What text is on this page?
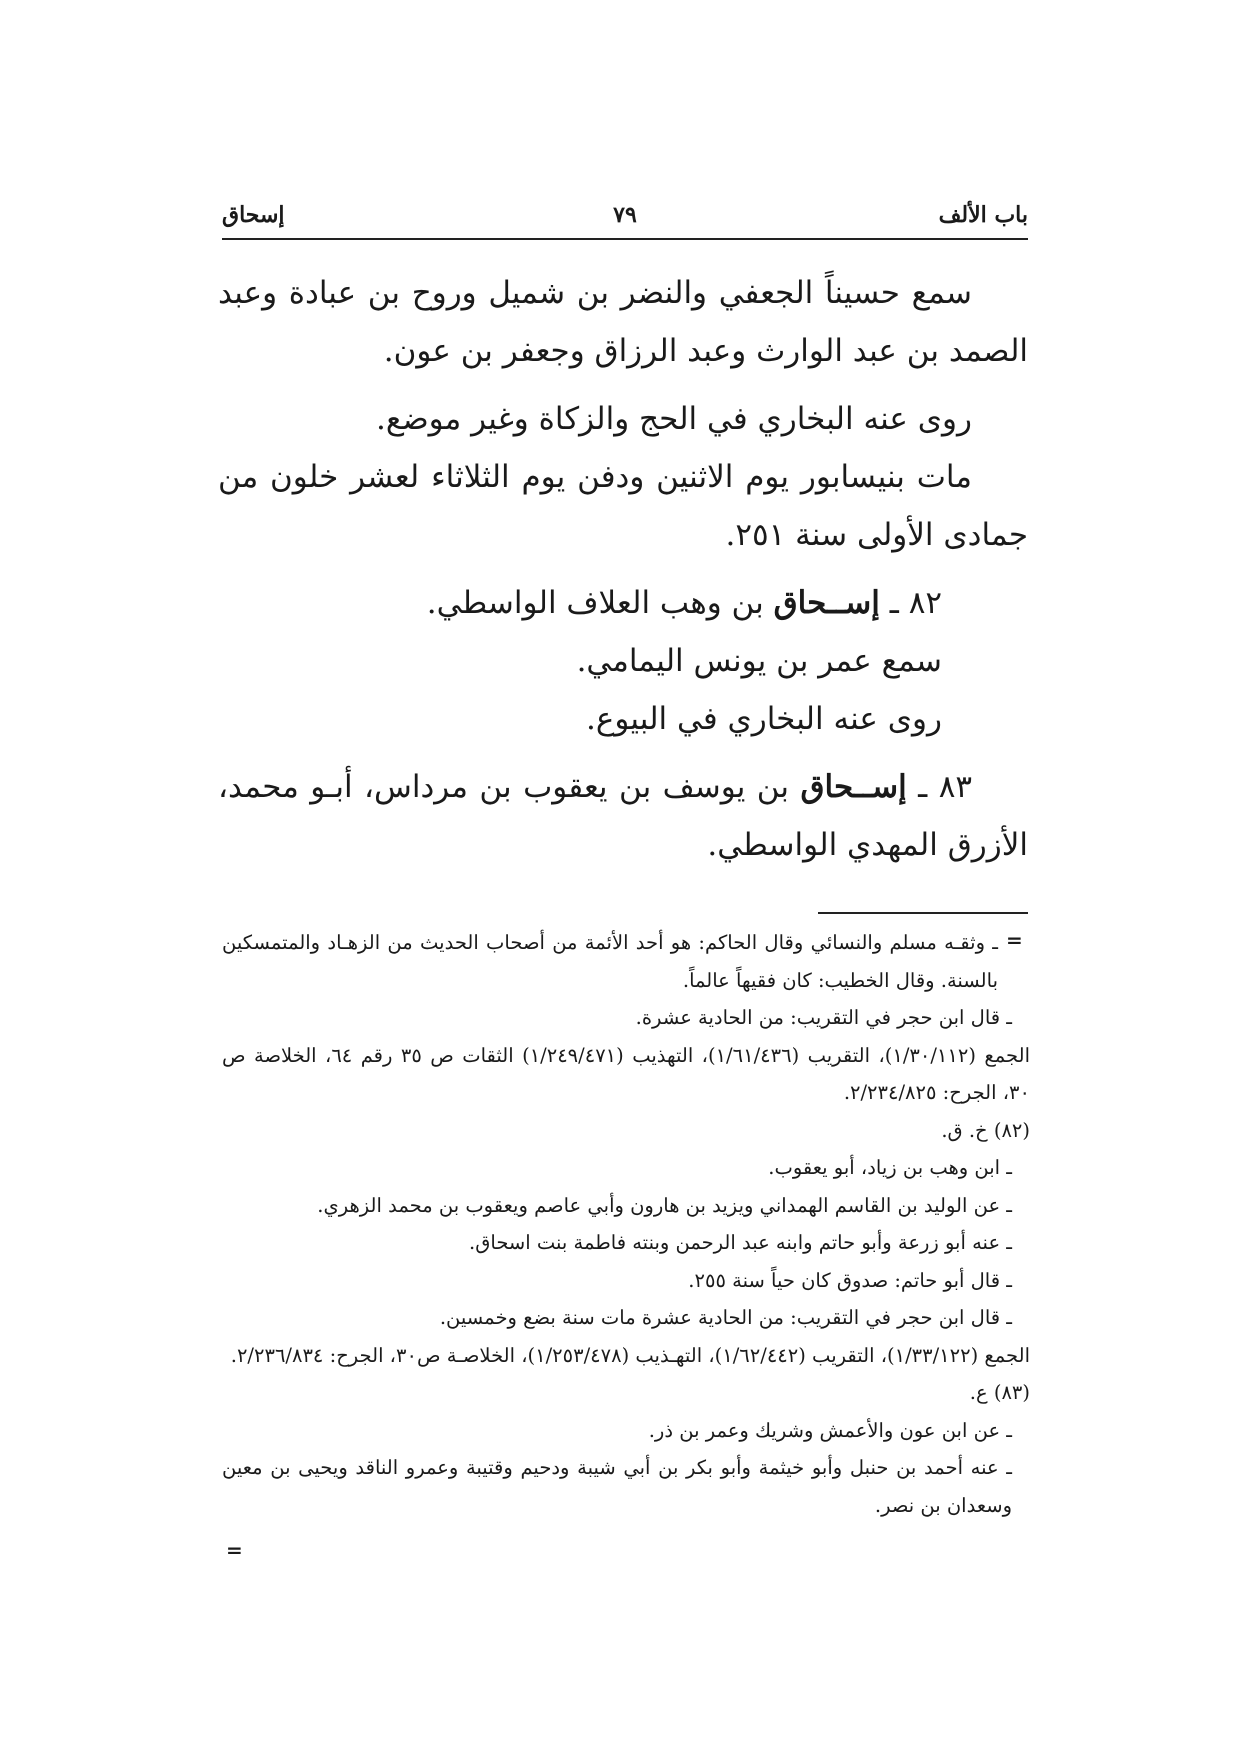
باب الألف
٧٩
إسحاق

سمع حسيناً الجعفي والنضر بن شميل وروح بن عبادة وعبد الصمد بن عبد الوارث وعبد الرزاق وجعفر بن عون.

روى عنه البخاري في الحج والزكاة وغير موضع.

مات بنيسابور يوم الاثنين ودفن يوم الثلاثاء لعشر خلون من جمادى الأولى سنة ٢٥١.

٨٢ ـ إســحاق بن وهب العلاف الواسطي.

سمع عمر بن يونس اليمامي.

روى عنه البخاري في البيوع.

٨٣ ـ إســحاق بن يوسف بن يعقوب بن مرداس، أبـو محمد، الأزرق المهدي الواسطي.

=
ـ وثقـه مسلم والنسائي وقال الحاكم: هو أحد الأئمة من أصحاب الحديث من الزهـاد والمتمسكين بالسنة. وقال الخطيب: كان فقيهاً عالماً.
ـ قال ابن حجر في التقريب: من الحادية عشرة.
الجمع (١/٣٠/١١٢)، التقريب (١/٦١/٤٣٦)، التهذيب (١/٢٤٩/٤٧١) الثقات ص ٣٥ رقم ٦٤، الخلاصة ص ٣٠، الجرح: ٢/٢٣٤/٨٢٥.
(٨٢) خ. ق.
ـ ابن وهب بن زياد، أبو يعقوب.
ـ عن الوليد بن القاسم الهمداني ويزيد بن هارون وأبي عاصم ويعقوب بن محمد الزهري.
ـ عنه أبو زرعة وأبو حاتم وابنه عبد الرحمن وبنته فاطمة بنت اسحاق.
ـ قال أبو حاتم: صدوق كان حياً سنة ٢٥٥.
ـ قال ابن حجر في التقريب: من الحادية عشرة مات سنة بضع وخمسين.
الجمع (١/٣٣/١٢٢)، التقريب (١/٦٢/٤٤٢)، التهـذيب (١/٢٥٣/٤٧٨)، الخلاصـة ص٣٠، الجرح: ٢/٢٣٦/٨٣٤.
(٨٣) ع.
ـ عن ابن عون والأعمش وشريك وعمر بن ذر.
ـ عنه أحمد بن حنبل وأبو خيثمة وأبو بكر بن أبي شيبة ودحيم وقتيبة وعمرو الناقد ويحيى بن معين وسعدان بن نصر.
=
